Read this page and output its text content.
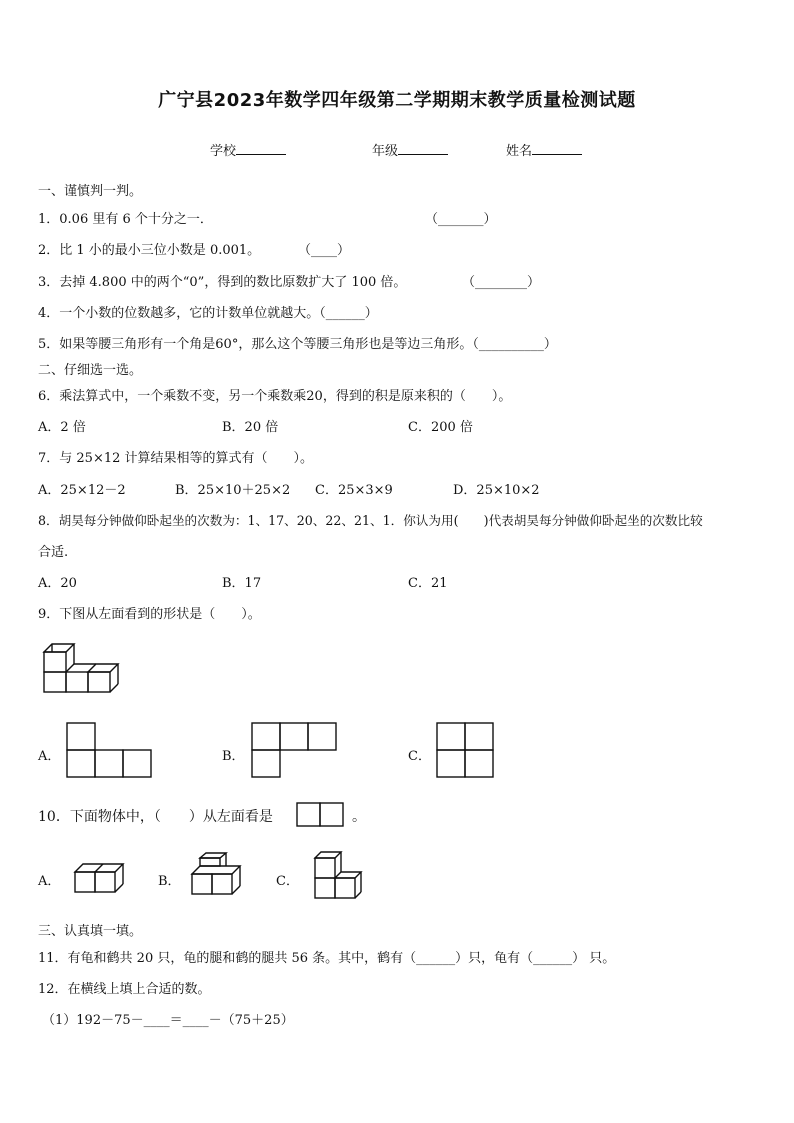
广宁县2023年数学四年级第二学期期末教学质量检测试题
学校	年级	姓名
一、谨慎判一判。
1．0.06 里有 6 个十分之一．	（_______）
2．比 1 小的最小三位小数是 0.001。	（____）
3．去掉 4.800 中的两个“0”，得到的数比原数扩大了 100 倍。	（________）
4．一个小数的位数越多，它的计数单位就越大。（______）
5．如果等腰三角形有一个角是60°，那么这个等腰三角形也是等边三角形。（__________）
二、仔细选一选。
6．乘法算式中，一个乘数不变，另一个乘数乘20，得到的积是原来积的（　　）。
A．2 倍	B．20 倍	C．200 倍
7．与 25×12 计算结果相等的算式有（　　）。
A．25×12－2	B．25×10＋25×2 C．25×3×9	D．25×10×2
8．胡昊每分钟做仰卧起坐的次数为：1、17、20、22、21、1．你认为用(　　)代表胡昊每分钟做仰卧起坐的次数比较
合适.
A．20	B．17	C．21
9．下图从左面看到的形状是（　　）。
A．	B．	C．
10．下面物体中，（　　）从左面看是	。
A．	B．	C．
三、认真填一填。
11．有龟和鹤共 20 只，龟的腿和鹤的腿共 56 条。其中，鹤有（______）只，龟有（______） 只。
12．在横线上填上合适的数。
（1）192－75－____＝____－（75＋25）
